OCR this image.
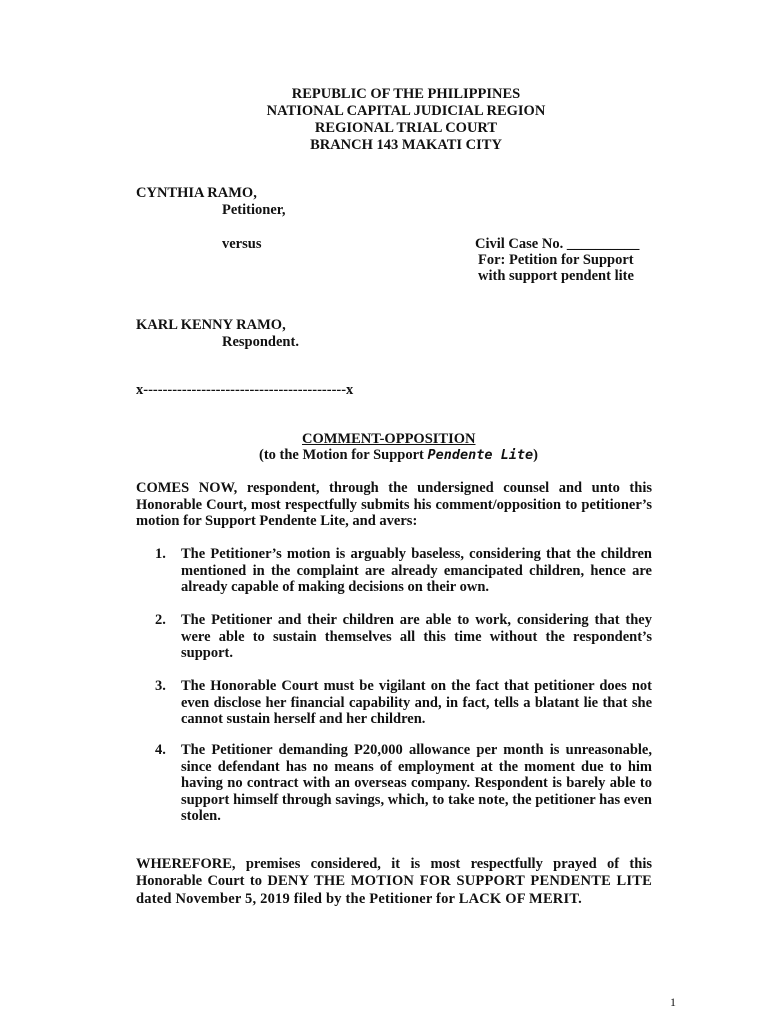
REPUBLIC OF THE PHILIPPINES
NATIONAL CAPITAL JUDICIAL REGION
REGIONAL TRIAL COURT
BRANCH 143 MAKATI CITY
CYNTHIA RAMO,
Petitioner,
versus	Civil Case No. __________
For: Petition for Support
with support pendent lite
KARL KENNY RAMO,
Respondent.
x------------------------------------------x
COMMENT-OPPOSITION
(to the Motion for Support Pendente Lite)
COMES NOW, respondent, through the undersigned counsel and unto this Honorable Court, most respectfully submits his comment/opposition to petitioner’s motion for Support Pendente Lite, and avers:
1.	The Petitioner’s motion is arguably baseless, considering that the children mentioned in the complaint are already emancipated children, hence are already capable of making decisions on their own.
2.	The Petitioner and their children are able to work, considering that they were able to sustain themselves all this time without the respondent’s support.
3.	The Honorable Court must be vigilant on the fact that petitioner does not even disclose her financial capability and, in fact, tells a blatant lie that she cannot sustain herself and her children.
4.	The Petitioner demanding P20,000 allowance per month is unreasonable, since defendant has no means of employment at the moment due to him having no contract with an overseas company. Respondent is barely able to support himself through savings, which, to take note, the petitioner has even stolen.
WHEREFORE, premises considered, it is most respectfully prayed of this Honorable Court to DENY THE MOTION FOR SUPPORT PENDENTE LITE dated November 5, 2019 filed by the Petitioner for LACK OF MERIT.
1
